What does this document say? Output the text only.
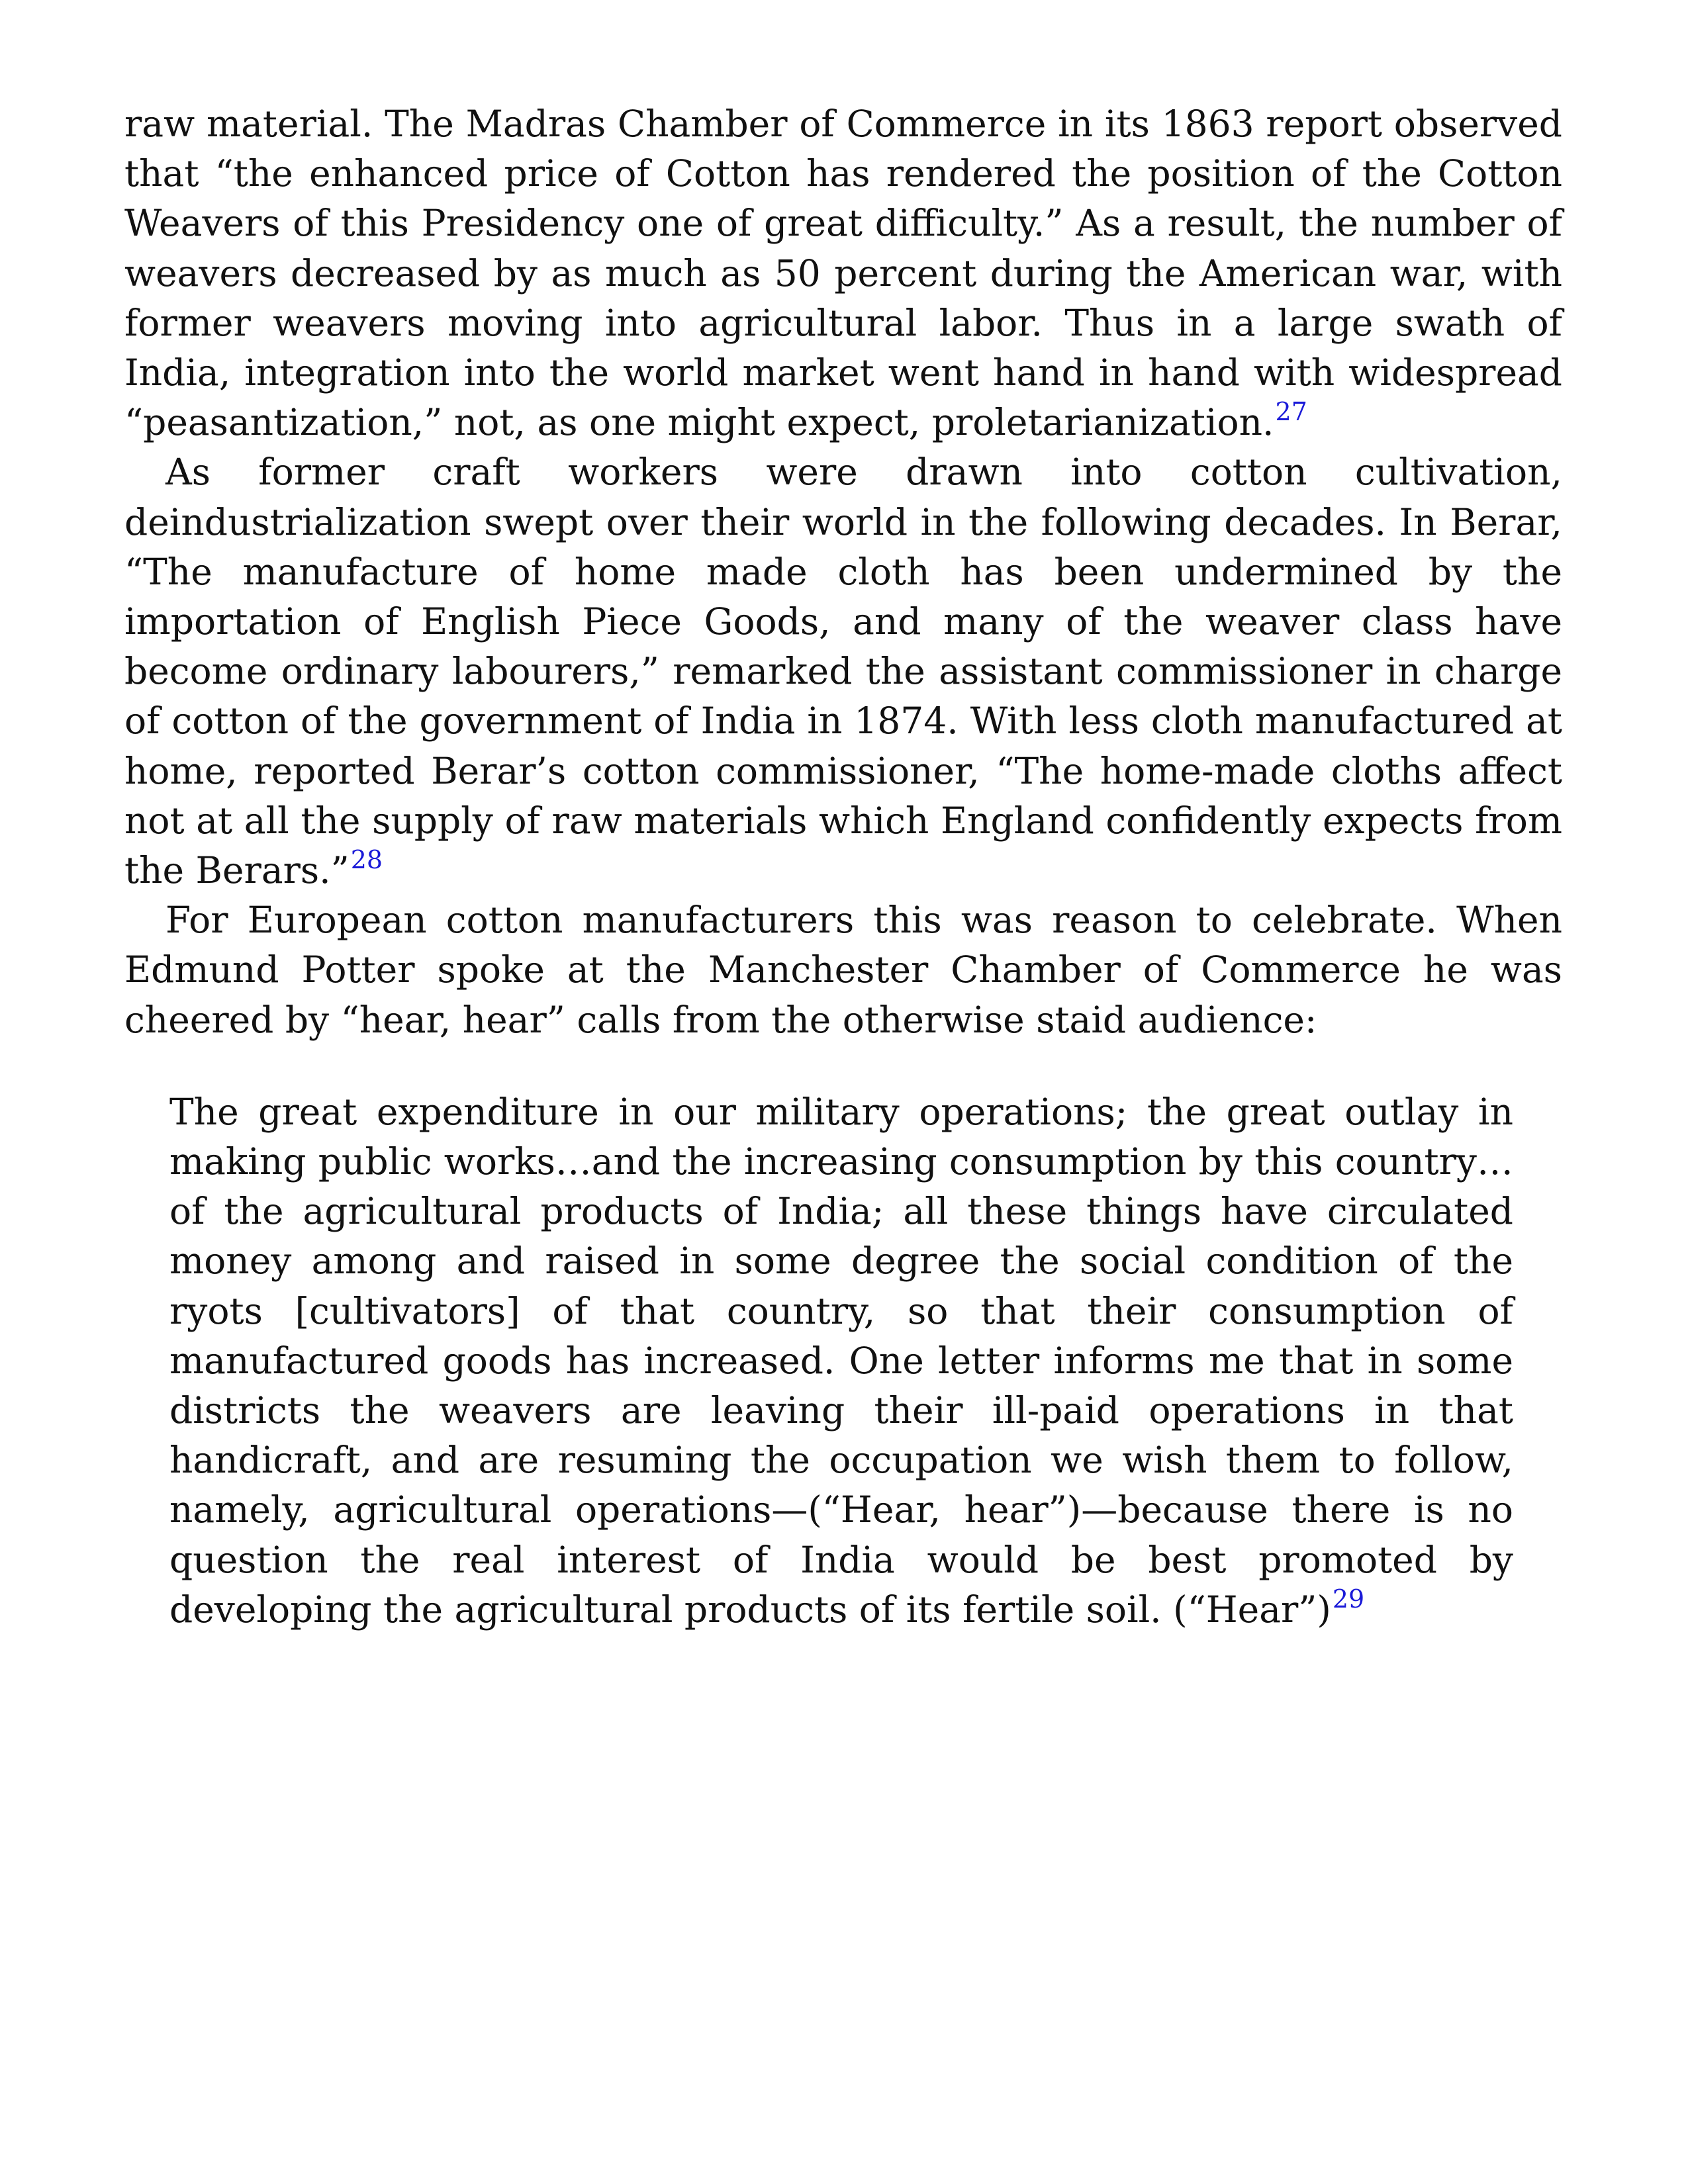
raw material. The Madras Chamber of Commerce in its 1863 report observed that “the enhanced price of Cotton has rendered the position of the Cotton Weavers of this Presidency one of great difficulty.” As a result, the number of weavers decreased by as much as 50 percent during the American war, with former weavers moving into agricultural labor. Thus in a large swath of India, integration into the world market went hand in hand with widespread “peasantization,” not, as one might expect, proletarianization.$^{27}$

As former craft workers were drawn into cotton cultivation, deindustrialization swept over their world in the following decades. In Berar, “The manufacture of home made cloth has been undermined by the importation of English Piece Goods, and many of the weaver class have become ordinary labourers,” remarked the assistant commissioner in charge of cotton of the government of India in 1874. With less cloth manufactured at home, reported Berar’s cotton commissioner, “The home-made cloths affect not at all the supply of raw materials which England confidently expects from the Berars.”$^{28}$

For European cotton manufacturers this was reason to celebrate. When Edmund Potter spoke at the Manchester Chamber of Commerce he was cheered by “hear, hear” calls from the otherwise staid audience:

The great expenditure in our military operations; the great outlay in making public works…and the increasing consumption by this country…of the agricultural products of India; all these things have circulated money among and raised in some degree the social condition of the ryots [cultivators] of that country, so that their consumption of manufactured goods has increased. One letter informs me that in some districts the weavers are leaving their ill-paid operations in that handicraft, and are resuming the occupation we wish them to follow, namely, agricultural operations—(“Hear, hear”)—because there is no question the real interest of India would be best promoted by developing the agricultural products of its fertile soil. (“Hear”)$^{29}$
